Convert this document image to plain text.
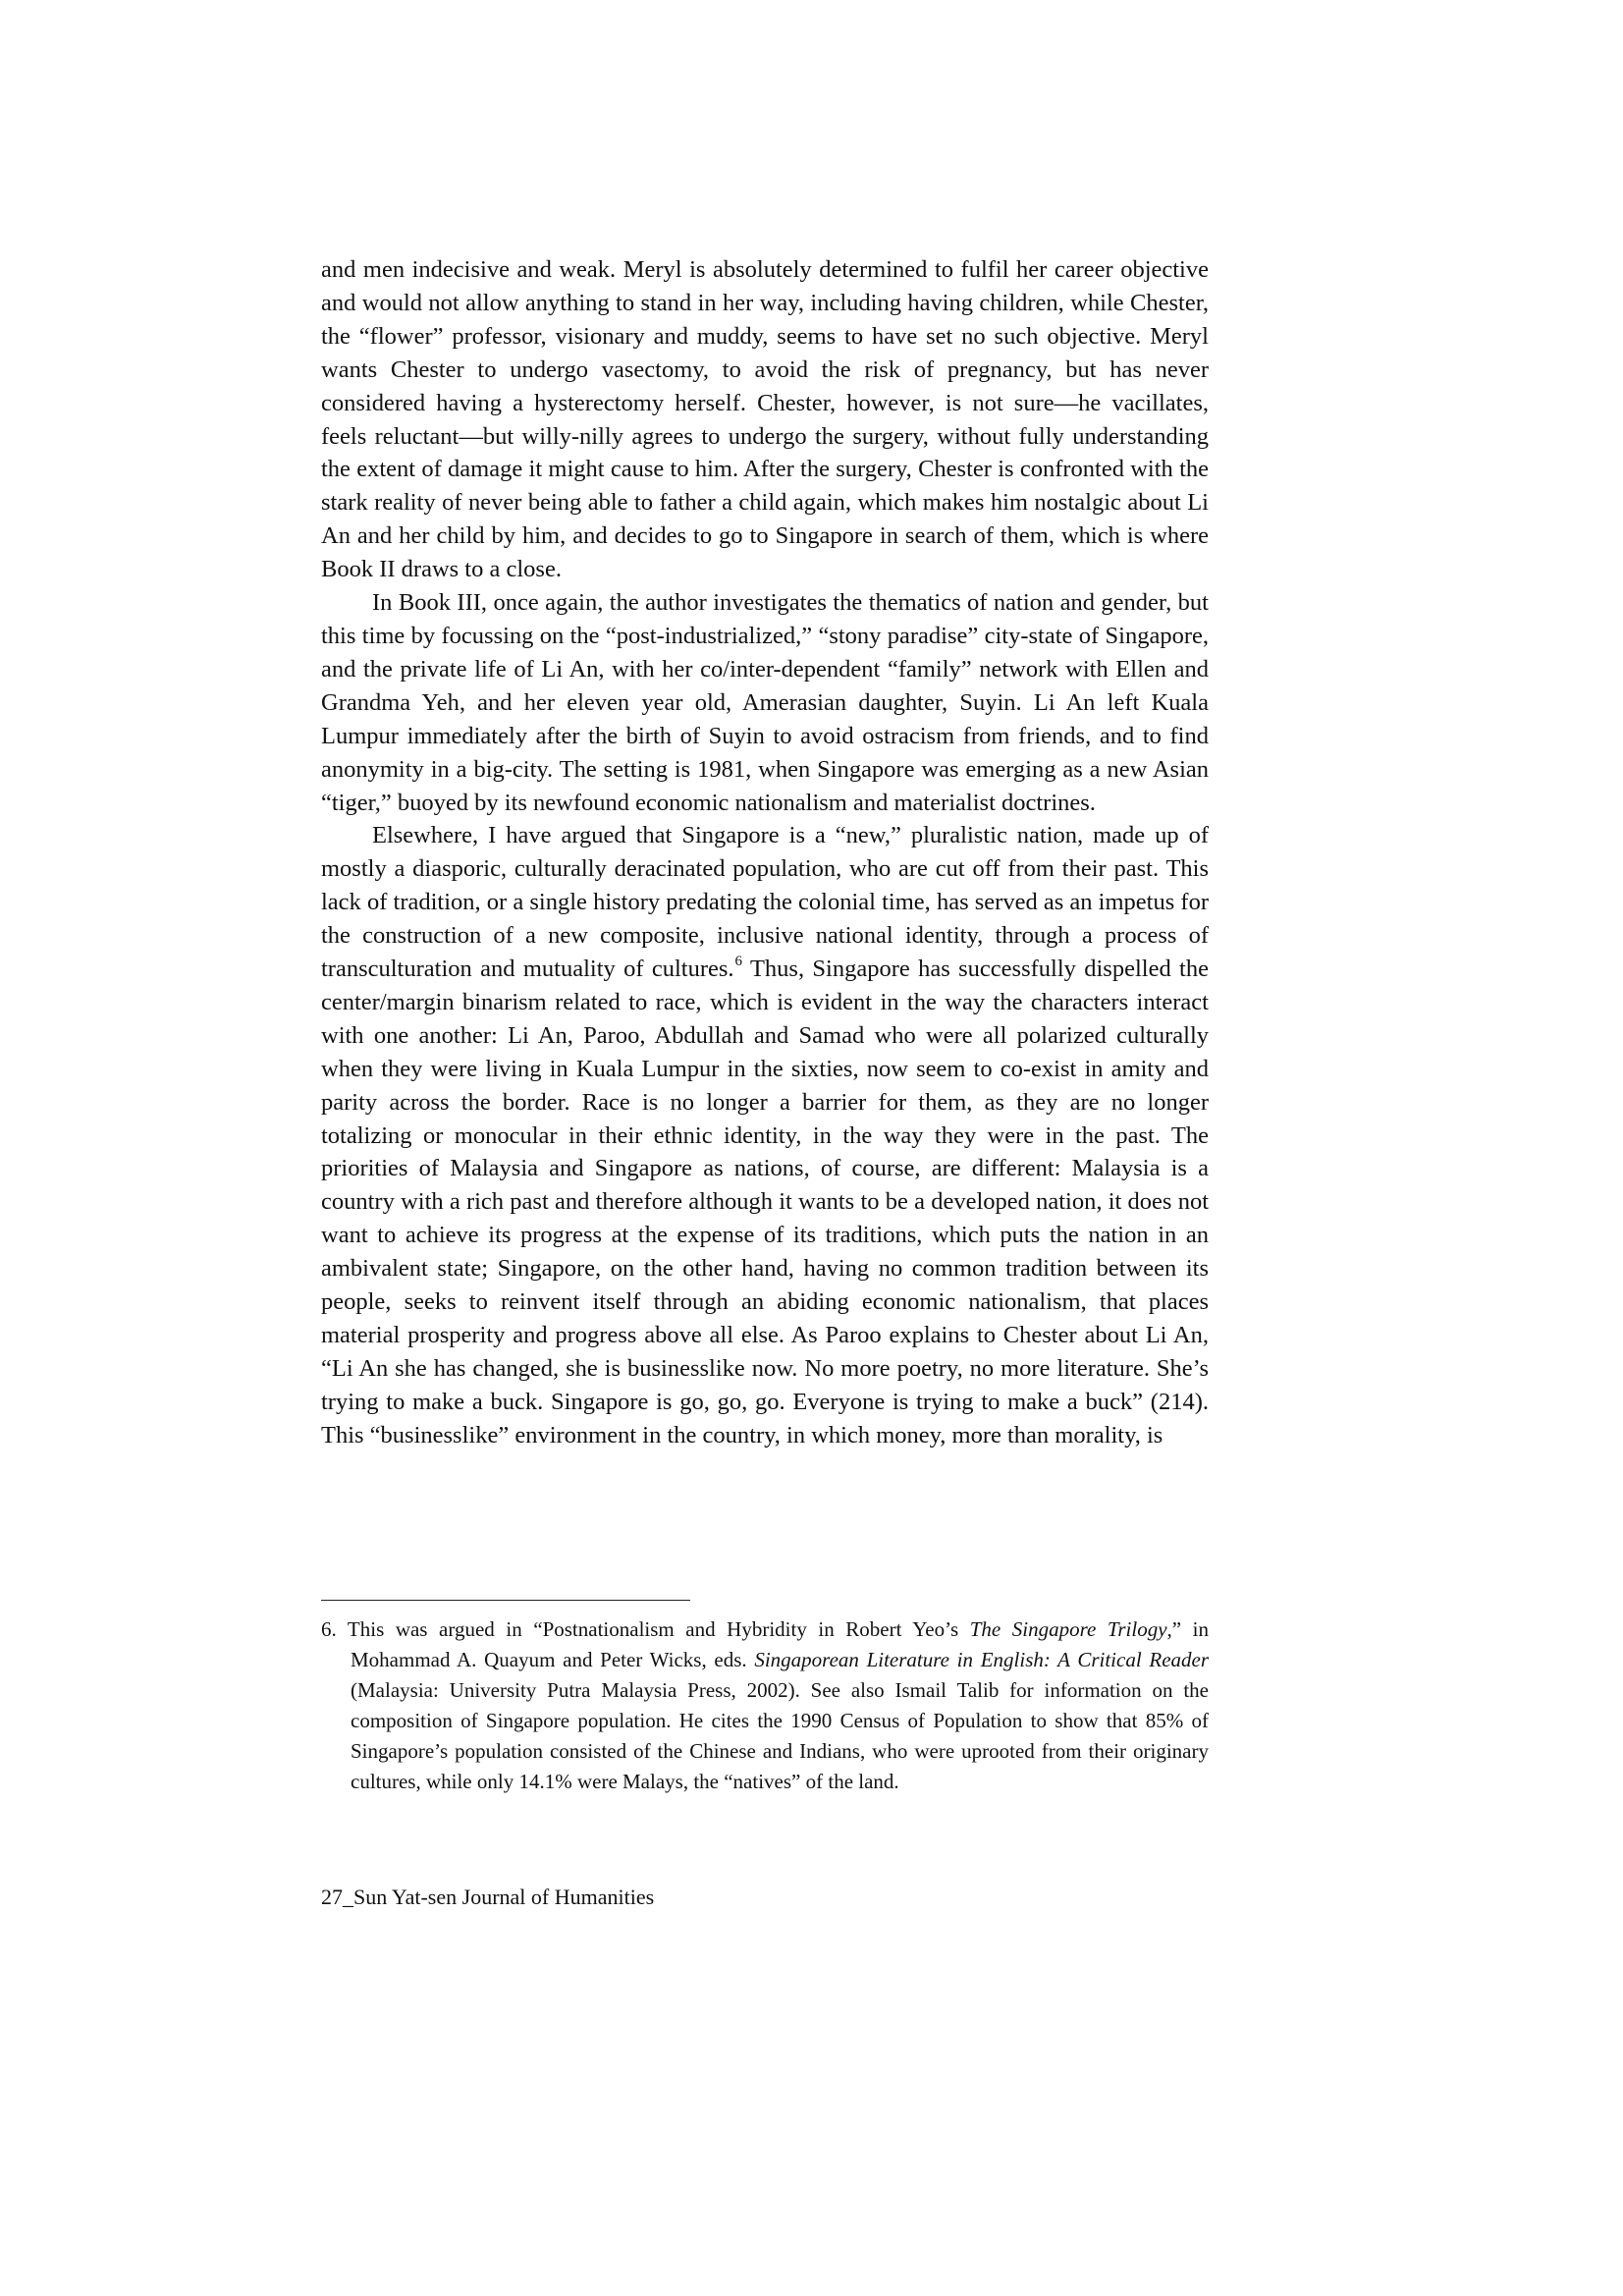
and men indecisive and weak. Meryl is absolutely determined to fulfil her career objective and would not allow anything to stand in her way, including having children, while Chester, the “flower” professor, visionary and muddy, seems to have set no such objective. Meryl wants Chester to undergo vasectomy, to avoid the risk of pregnancy, but has never considered having a hysterectomy herself. Chester, however, is not sure—he vacillates, feels reluctant—but willy-nilly agrees to undergo the surgery, without fully understanding the extent of damage it might cause to him. After the surgery, Chester is confronted with the stark reality of never being able to father a child again, which makes him nostalgic about Li An and her child by him, and decides to go to Singapore in search of them, which is where Book II draws to a close.

In Book III, once again, the author investigates the thematics of nation and gender, but this time by focussing on the “post-industrialized,” “stony paradise” city-state of Singapore, and the private life of Li An, with her co/inter-dependent “family” network with Ellen and Grandma Yeh, and her eleven year old, Amerasian daughter, Suyin. Li An left Kuala Lumpur immediately after the birth of Suyin to avoid ostracism from friends, and to find anonymity in a big-city. The setting is 1981, when Singapore was emerging as a new Asian “tiger,” buoyed by its newfound economic nationalism and materialist doctrines.

Elsewhere, I have argued that Singapore is a “new,” pluralistic nation, made up of mostly a diasporic, culturally deracinated population, who are cut off from their past. This lack of tradition, or a single history predating the colonial time, has served as an impetus for the construction of a new composite, inclusive national identity, through a process of transculturation and mutuality of cultures.$^6$ Thus, Singapore has successfully dispelled the center/margin binarism related to race, which is evident in the way the characters interact with one another: Li An, Paroo, Abdullah and Samad who were all polarized culturally when they were living in Kuala Lumpur in the sixties, now seem to co-exist in amity and parity across the border. Race is no longer a barrier for them, as they are no longer totalizing or monocular in their ethnic identity, in the way they were in the past. The priorities of Malaysia and Singapore as nations, of course, are different: Malaysia is a country with a rich past and therefore although it wants to be a developed nation, it does not want to achieve its progress at the expense of its traditions, which puts the nation in an ambivalent state; Singapore, on the other hand, having no common tradition between its people, seeks to reinvent itself through an abiding economic nationalism, that places material prosperity and progress above all else. As Paroo explains to Chester about Li An, “Li An she has changed, she is businesslike now. No more poetry, no more literature. She’s trying to make a buck. Singapore is go, go, go. Everyone is trying to make a buck” (214). This “businesslike” environment in the country, in which money, more than morality, is

6. This was argued in “Postnationalism and Hybridity in Robert Yeo’s The Singapore Trilogy,” in Mohammad A. Quayum and Peter Wicks, eds. Singaporean Literature in English: A Critical Reader (Malaysia: University Putra Malaysia Press, 2002). See also Ismail Talib for information on the composition of Singapore population. He cites the 1990 Census of Population to show that 85% of Singapore’s population consisted of the Chinese and Indians, who were uprooted from their originary cultures, while only 14.1% were Malays, the “natives” of the land.

27_Sun Yat-sen Journal of Humanities
